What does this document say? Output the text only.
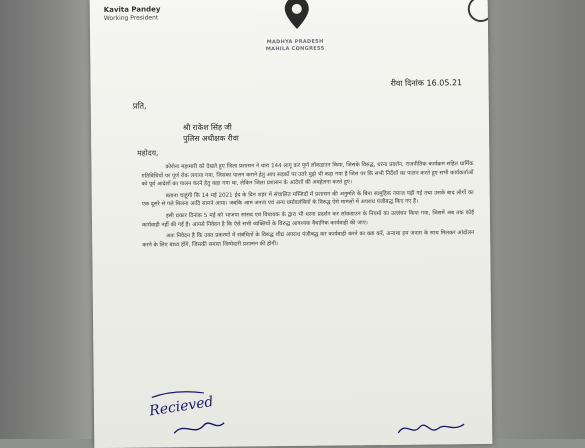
Kavita Pandey
Working President
MADHYA PRADESH
MAHILA CONGRESS
रीवा दिनांक 16.05.21
प्रति,
श्री राकेश सिंह जी
पुलिस अधीक्षक रीवा
महोदय,

कोरोना महामारी को देखते हुए जिला प्रशासन ने धारा 144 लागू कर पूर्ण लॉकडाउन किया, जिसके विरुद्ध, धरना प्रदर्शन, राजनीतिक कार्यक्रम सहित धार्मिक गतिविधियों पर पूर्ण रोक लगाया गया, जिसका पालन कराने हेतु आप सड़कों पर उतरे मुझे भी कहा गया है जिस पर कि सभी निर्देशों का पालन करते हुए सभी कार्यकर्ताओं को पूर्व आदेशों का पालन करने हेतु कहा गया था, लेकिन जिला प्रशासन के आदेशों की अवहेलना करते हुए।

बताना चाहूंगी कि 14 मई 2021 ईद के दिन शहर में संचालित मस्जिदों में प्रशासन की अनुमति के बिना सामूहिक नमाज पढ़ी गई तथा उसके बाद लोगों का एक दूसरे से गले मिलना आदि सामने आया। जबकि आम जनता एवं अन्य धर्मावलंबियों के विरुद्ध ऐसे मामलों में अपराध पंजीबद्ध किए गए हैं।

इसी प्रकार दिनांक 5 मई को भाजपा सांसद एवं विधायक के द्वारा भी धरना प्रदर्शन कर लॉकडाउन के नियमों का उल्लंघन किया गया, जिसमें अब तक कोई कार्यवाही नहीं की गई है। आपसे निवेदन है कि ऐसे सभी व्यक्तियों के विरुद्ध आवश्यक वैधानिक कार्यवाही की जाए।

अतः निवेदन है कि उक्त प्रकरणों में संबंधितों के विरुद्ध शीघ्र अपराध पंजीबद्ध कर कार्यवाही करने का कष्ट करें, अन्यथा हम जनता के साथ मिलकर आंदोलन करने के लिए बाध्य होंगे, जिसकी समस्त जिम्मेदारी प्रशासन की होगी।

Recieved
